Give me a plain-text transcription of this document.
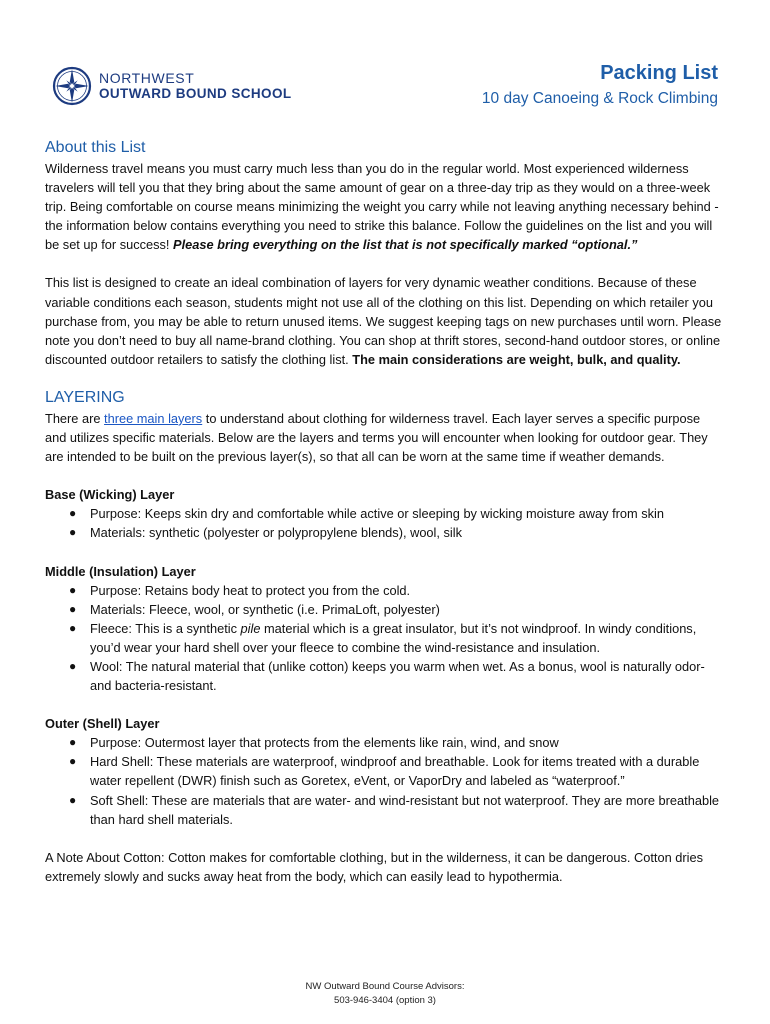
NORTHWEST
OUTWARD BOUND SCHOOL
Packing List
10 day Canoeing & Rock Climbing
About this List

Wilderness travel means you must carry much less than you do in the regular world. Most experienced wilderness travelers will tell you that they bring about the same amount of gear on a three-day trip as they would on a three-week trip. Being comfortable on course means minimizing the weight you carry while not leaving anything necessary behind - the information below contains everything you need to strike this balance. Follow the guidelines on the list and you will be set up for success! Please bring everything on the list that is not specifically marked “optional.”

This list is designed to create an ideal combination of layers for very dynamic weather conditions. Because of these variable conditions each season, students might not use all of the clothing on this list. Depending on which retailer you purchase from, you may be able to return unused items. We suggest keeping tags on new purchases until worn. Please note you don’t need to buy all name-brand clothing. You can shop at thrift stores, second-hand outdoor stores, or online discounted outdoor retailers to satisfy the clothing list. The main considerations are weight, bulk, and quality.

LAYERING

There are three main layers to understand about clothing for wilderness travel. Each layer serves a specific purpose and utilizes specific materials. Below are the layers and terms you will encounter when looking for outdoor gear. They are intended to be built on the previous layer(s), so that all can be worn at the same time if weather demands.

Base (Wicking) Layer

● Purpose: Keeps skin dry and comfortable while active or sleeping by wicking moisture away from skin
● Materials: synthetic (polyester or polypropylene blends), wool, silk

Middle (Insulation) Layer

● Purpose: Retains body heat to protect you from the cold.
● Materials: Fleece, wool, or synthetic (i.e. PrimaLoft, polyester)
● Fleece: This is a synthetic pile material which is a great insulator, but it’s not windproof. In windy conditions, you’d wear your hard shell over your fleece to combine the wind-resistance and insulation.
● Wool: The natural material that (unlike cotton) keeps you warm when wet. As a bonus, wool is naturally odor- and bacteria-resistant.

Outer (Shell) Layer

● Purpose: Outermost layer that protects from the elements like rain, wind, and snow
● Hard Shell: These materials are waterproof, windproof and breathable. Look for items treated with a durable water repellent (DWR) finish such as Goretex, eVent, or VaporDry and labeled as “waterproof.”
● Soft Shell: These are materials that are water- and wind-resistant but not waterproof. They are more breathable than hard shell materials.

A Note About Cotton: Cotton makes for comfortable clothing, but in the wilderness, it can be dangerous. Cotton dries extremely slowly and sucks away heat from the body, which can easily lead to hypothermia.

NW Outward Bound Course Advisors:
503-946-3404 (option 3)
